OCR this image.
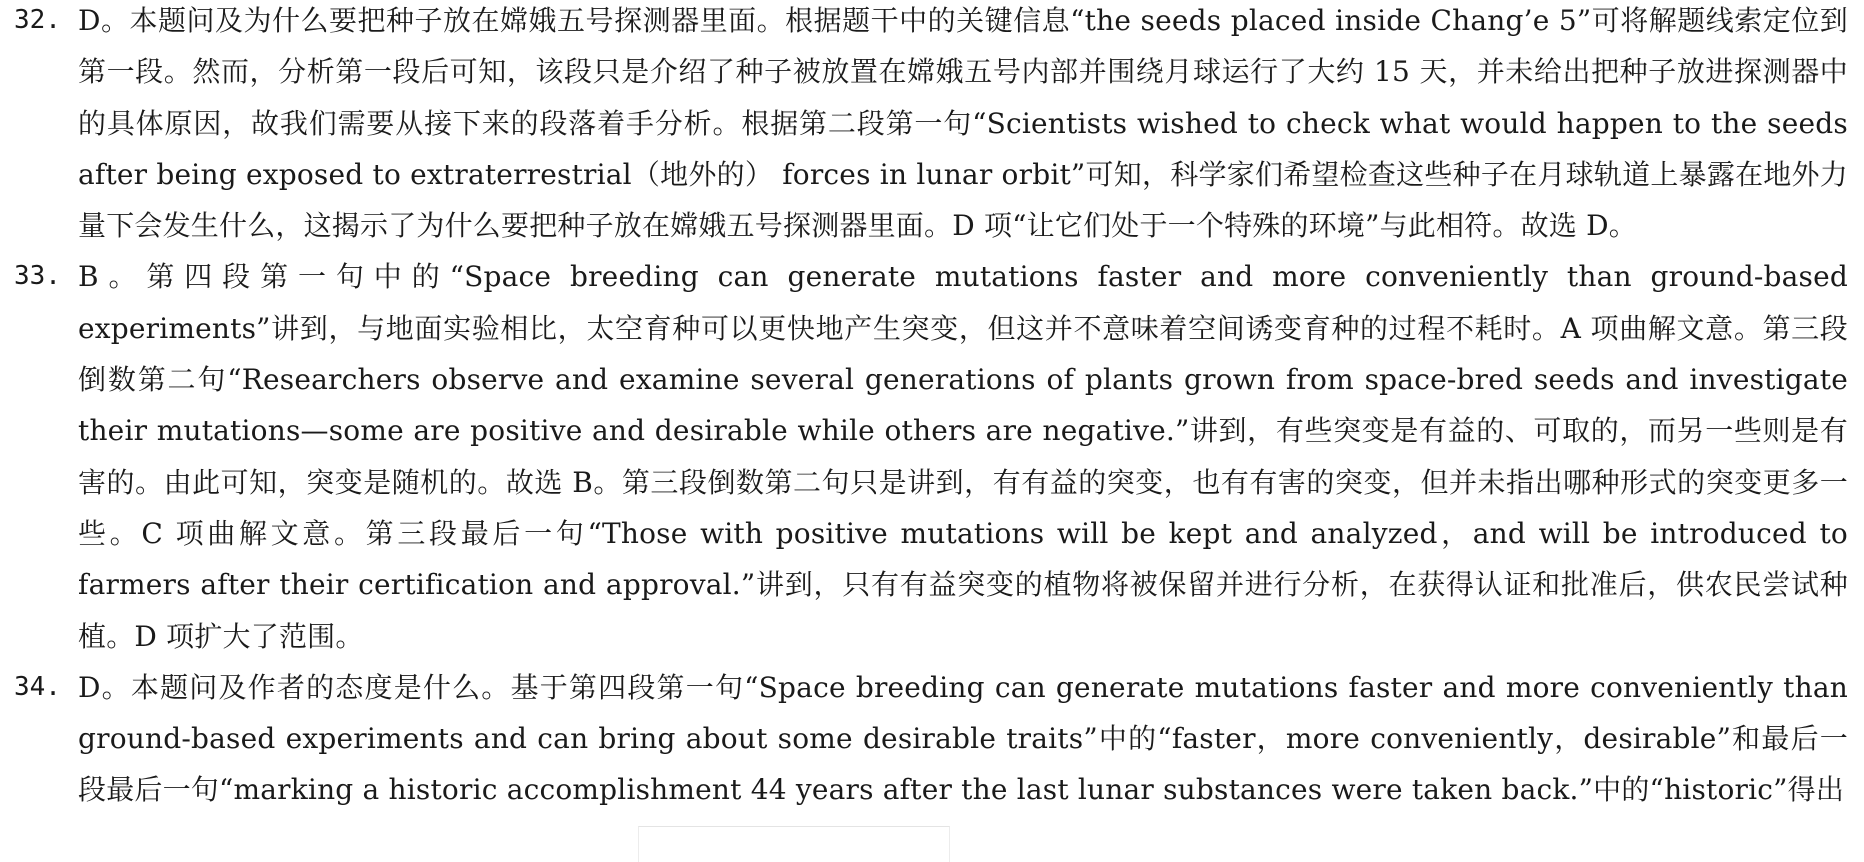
32. D。本题问及为什么要把种子放在嫦娥五号探测器里面。根据题干中的关键信息“the seeds placed inside Chang’e 5”可将解题线索定位到第一段。然而，分析第一段后可知，该段只是介绍了种子被放置在嫦娥五号内部并围绕月球运行了大约 15 天，并未给出把种子放进探测器中的具体原因，故我们需要从接下来的段落着手分析。根据第二段第一句“Scientists wished to check what would happen to the seeds after being exposed to extraterrestrial（地外的） forces in lunar orbit”可知，科学家们希望检查这些种子在月球轨道上暴露在地外力量下会发生什么，这揭示了为什么要把种子放在嫦娥五号探测器里面。D 项“让它们处于一个特殊的环境”与此相符。故选 D。
33. B。第四段第一句中的“Space breeding can generate mutations faster and more conveniently than ground-based experiments”讲到，与地面实验相比，太空育种可以更快地产生突变，但这并不意味着空间诱变育种的过程不耗时。A 项曲解文意。第三段倒数第二句“Researchers observe and examine several generations of plants grown from space-bred seeds and investigate their mutations—some are positive and desirable while others are negative.”讲到，有些突变是有益的、可取的，而另一些则是有害的。由此可知，突变是随机的。故选 B。第三段倒数第二句只是讲到，有有益的突变，也有有害的突变，但并未指出哪种形式的突变更多一些。C 项曲解文意。第三段最后一句“Those with positive mutations will be kept and analyzed，and will be introduced to farmers after their certification and approval.”讲到，只有有益突变的植物将被保留并进行分析，在获得认证和批准后，供农民尝试种植。D 项扩大了范围。
34. D。本题问及作者的态度是什么。基于第四段第一句“Space breeding can generate mutations faster and more conveniently than ground-based experiments and can bring about some desirable traits”中的“faster，more conveniently，desirable”和最后一段最后一句“marking a historic accomplishment 44 years after the last lunar substances were taken back.”中的“historic”得出
